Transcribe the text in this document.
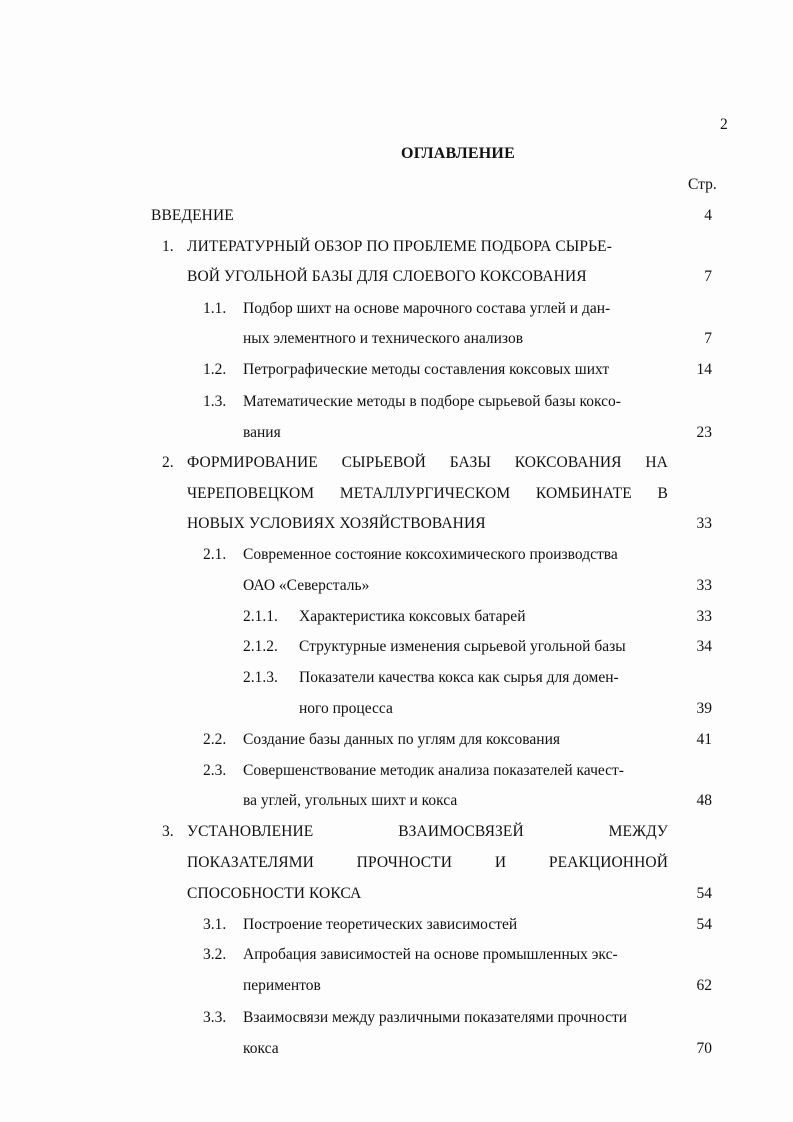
2
ОГЛАВЛЕНИЕ
Стр.
ВВЕДЕНИЕ	4
1. ЛИТЕРАТУРНЫЙ ОБЗОР ПО ПРОБЛЕМЕ ПОДБОРА СЫРЬЕ-
ВОЙ УГОЛЬНОЙ БАЗЫ ДЛЯ СЛОЕВОГО КОКСОВАНИЯ	7
1.1. Подбор шихт на основе марочного состава углей и дан-
ных элементного и технического анализов	7
1.2. Петрографические методы составления коксовых шихт	14
1.3. Математические методы в подборе сырьевой базы коксо-
вания	23
2. ФОРМИРОВАНИЕ СЫРЬЕВОЙ БАЗЫ КОКСОВАНИЯ НА
ЧЕРЕПОВЕЦКОМ МЕТАЛЛУРГИЧЕСКОМ КОМБИНАТЕ В
НОВЫХ УСЛОВИЯХ ХОЗЯЙСТВОВАНИЯ	33
2.1. Современное состояние коксохимического производства
ОАО «Северсталь»	33
2.1.1. Характеристика коксовых батарей	33
2.1.2. Структурные изменения сырьевой угольной базы	34
2.1.3. Показатели качества кокса как сырья для домен-
ного процесса	39
2.2. Создание базы данных по углям для коксования	41
2.3. Совершенствование методик анализа показателей качест-
ва углей, угольных шихт и кокса	48
3. УСТАНОВЛЕНИЕ	ВЗАИМОСВЯЗЕЙ	МЕЖДУ
ПОКАЗАТЕЛЯМИ	ПРОЧНОСТИ	И	РЕАКЦИОННОЙ
СПОСОБНОСТИ КОКСА	54
3.1. Построение теоретических зависимостей	54
3.2. Апробация зависимостей на основе промышленных экс-
периментов	62
3.3. Взаимосвязи между различными показателями прочности
кокса	70
